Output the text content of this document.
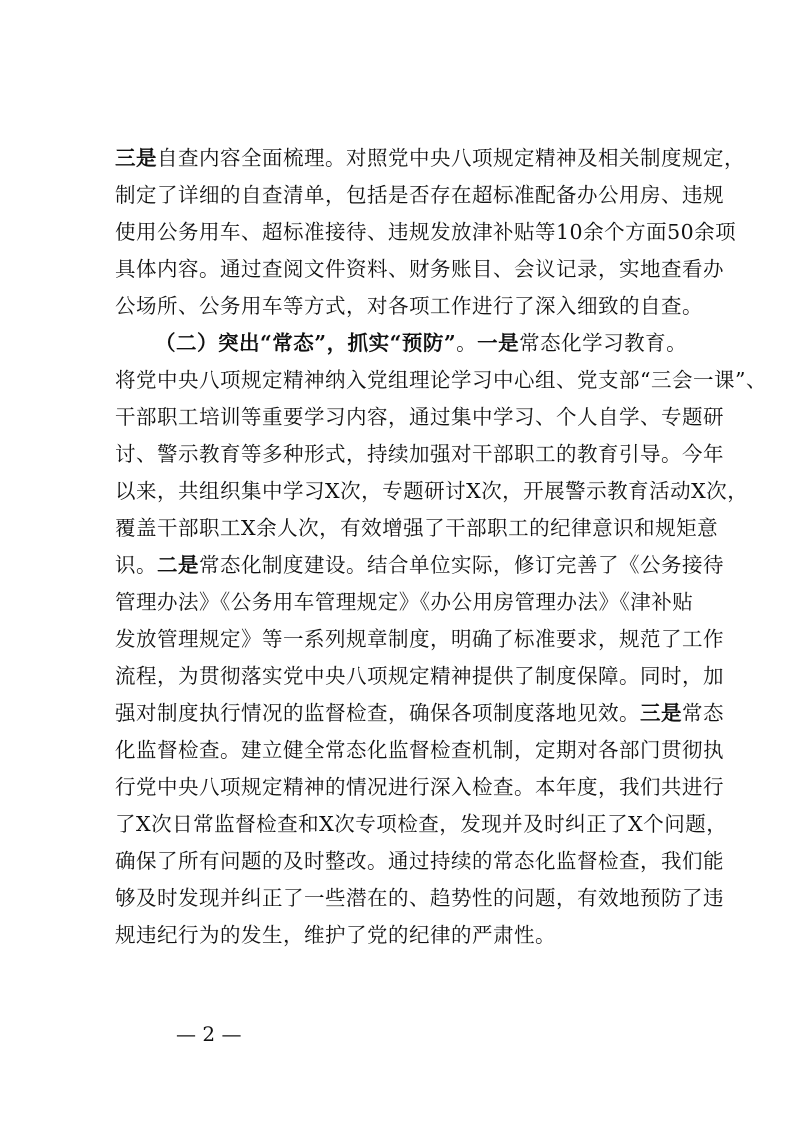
三是自查内容全面梳理。对照党中央八项规定精神及相关制度规定，
制定了详细的自查清单，包括是否存在超标准配备办公用房、违规
使用公务用车、超标准接待、违规发放津补贴等10余个方面50余项
具体内容。通过查阅文件资料、财务账目、会议记录，实地查看办
公场所、公务用车等方式，对各项工作进行了深入细致的自查。
（二）突出“常态”，抓实“预防”。一是常态化学习教育。
将党中央八项规定精神纳入党组理论学习中心组、党支部“三会一课”、
干部职工培训等重要学习内容，通过集中学习、个人自学、专题研
讨、警示教育等多种形式，持续加强对干部职工的教育引导。今年
以来，共组织集中学习X次，专题研讨X次，开展警示教育活动X次，
覆盖干部职工X余人次，有效增强了干部职工的纪律意识和规矩意
识。二是常态化制度建设。结合单位实际，修订完善了《公务接待
管理办法》《公务用车管理规定》《办公用房管理办法》《津补贴
发放管理规定》等一系列规章制度，明确了标准要求，规范了工作
流程，为贯彻落实党中央八项规定精神提供了制度保障。同时，加
强对制度执行情况的监督检查，确保各项制度落地见效。三是常态
化监督检查。建立健全常态化监督检查机制，定期对各部门贯彻执
行党中央八项规定精神的情况进行深入检查。本年度，我们共进行
了X次日常监督检查和X次专项检查，发现并及时纠正了X个问题，
确保了所有问题的及时整改。通过持续的常态化监督检查，我们能
够及时发现并纠正了一些潜在的、趋势性的问题，有效地预防了违
规违纪行为的发生，维护了党的纪律的严肃性。
— 2 —
